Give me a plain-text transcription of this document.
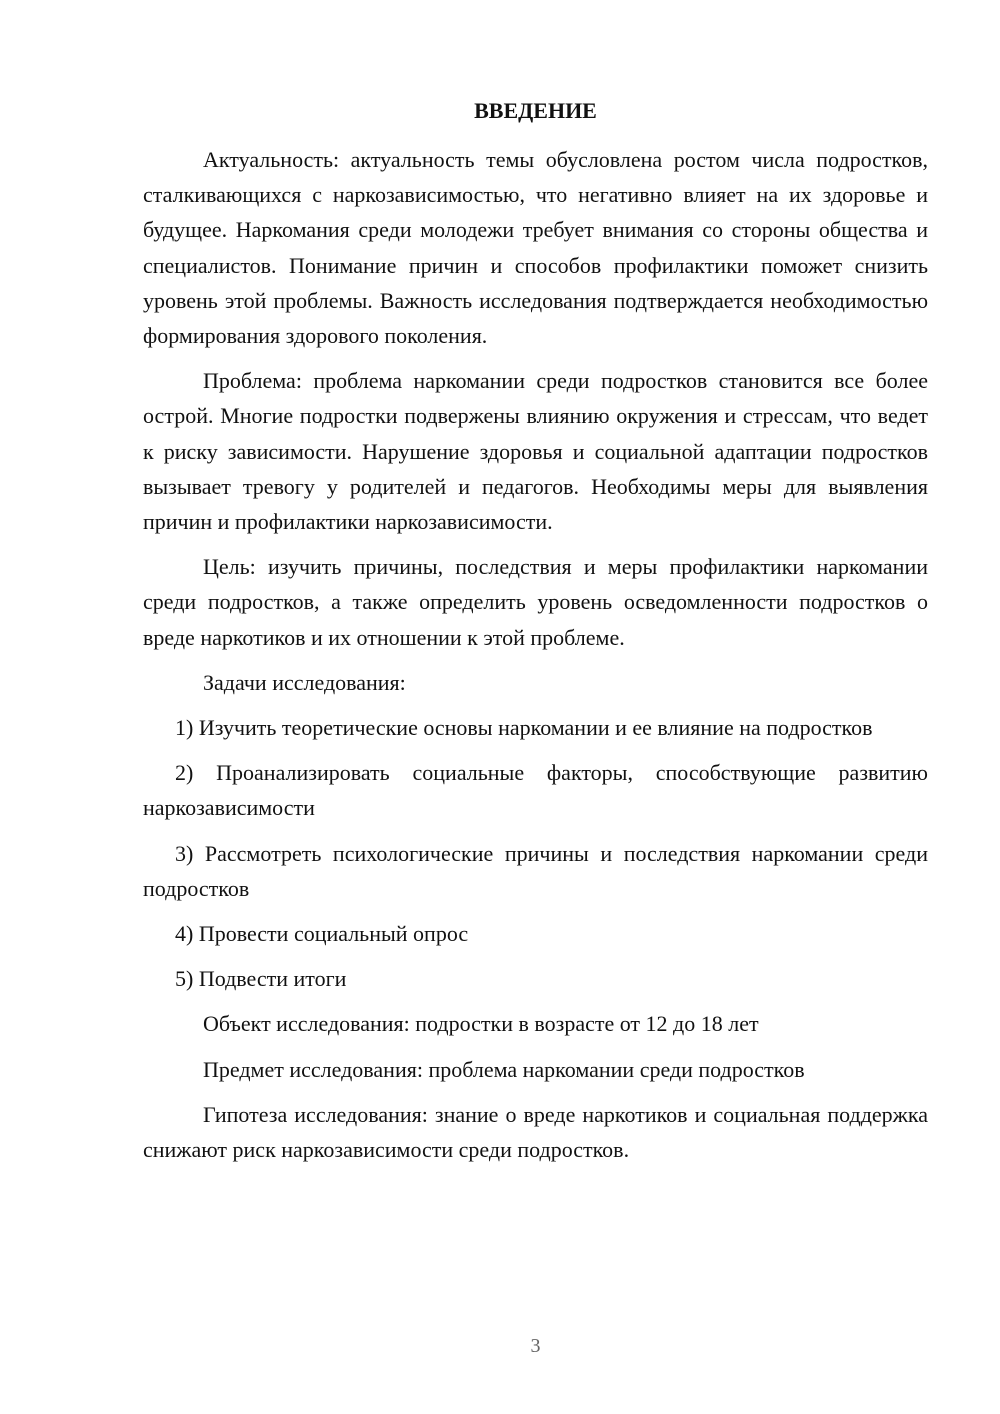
ВВЕДЕНИЕ

Актуальность: актуальность темы обусловлена ростом числа подростков, сталкивающихся с наркозависимостью, что негативно влияет на их здоровье и будущее. Наркомания среди молодежи требует внимания со стороны общества и специалистов. Понимание причин и способов профилактики поможет снизить уровень этой проблемы. Важность исследования подтверждается необходимостью формирования здорового поколения.

Проблема: проблема наркомании среди подростков становится все более острой. Многие подростки подвержены влиянию окружения и стрессам, что ведет к риску зависимости. Нарушение здоровья и социальной адаптации подростков вызывает тревогу у родителей и педагогов. Необходимы меры для выявления причин и профилактики наркозависимости.

Цель: изучить причины, последствия и меры профилактики наркомании среди подростков, а также определить уровень осведомленности подростков о вреде наркотиков и их отношении к этой проблеме.

Задачи исследования:

1) Изучить теоретические основы наркомании и ее влияние на подростков

2) Проанализировать социальные факторы, способствующие развитию наркозависимости

3) Рассмотреть психологические причины и последствия наркомании среди подростков

4) Провести социальный опрос

5) Подвести итоги

Объект исследования: подростки в возрасте от 12 до 18 лет

Предмет исследования: проблема наркомании среди подростков

Гипотеза исследования: знание о вреде наркотиков и социальная поддержка снижают риск наркозависимости среди подростков.

3
